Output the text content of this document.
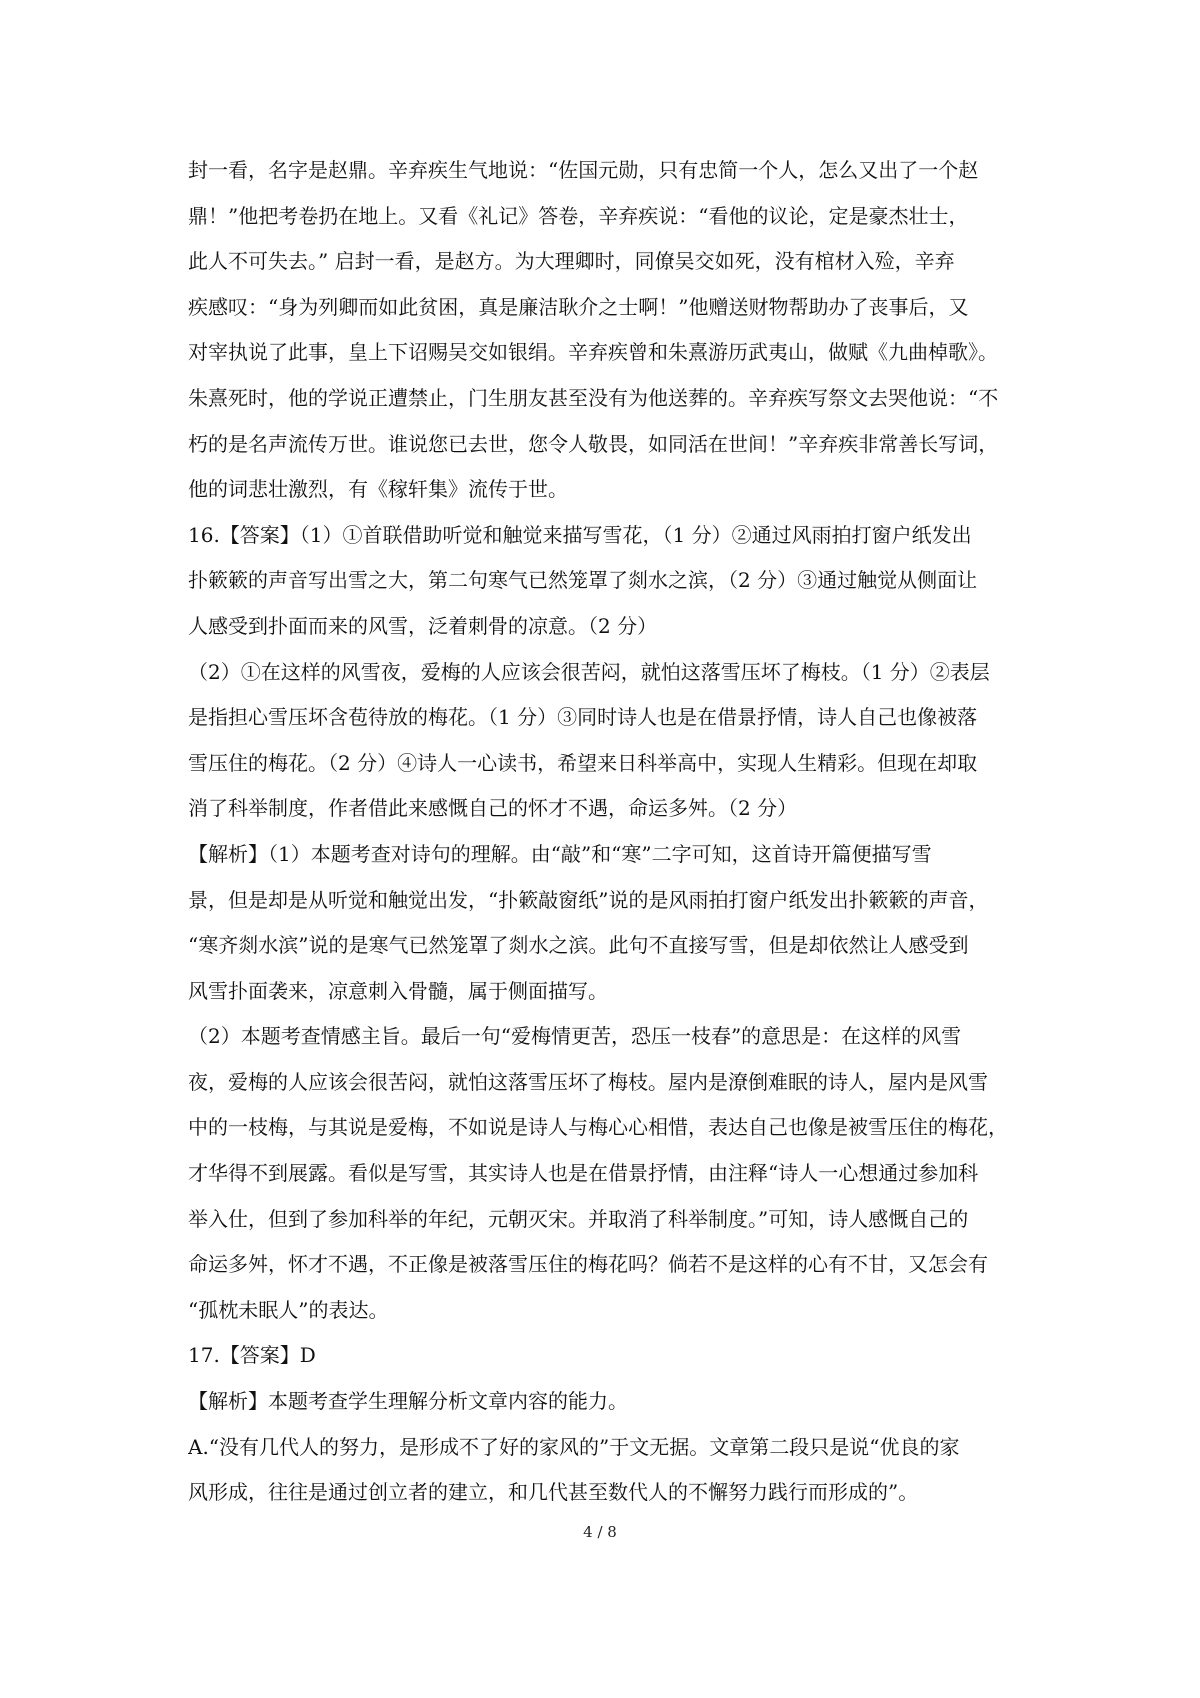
封一看，名字是赵鼎。辛弃疾生气地说：“佐国元勋，只有忠简一个人，怎么又出了一个赵
鼎！”他把考卷扔在地上。又看《礼记》答卷，辛弃疾说：“看他的议论，定是豪杰壮士，
此人不可失去。” 启封一看，是赵方。为大理卿时，同僚吴交如死，没有棺材入殓，辛弃
疾感叹：“身为列卿而如此贫困，真是廉洁耿介之士啊！”他赠送财物帮助办了丧事后，又
对宰执说了此事，皇上下诏赐吴交如银绢。辛弃疾曾和朱熹游历武夷山，做赋《九曲棹歌》。
朱熹死时，他的学说正遭禁止，门生朋友甚至没有为他送葬的。辛弃疾写祭文去哭他说：“不
朽的是名声流传万世。谁说您已去世，您令人敬畏，如同活在世间！”辛弃疾非常善长写词，
他的词悲壮激烈，有《稼轩集》流传于世。
16.【答案】（1）①首联借助听觉和触觉来描写雪花，（1 分）②通过风雨拍打窗户纸发出
扑簌簌的声音写出雪之大，第二句寒气已然笼罩了剡水之滨，（2 分）③通过触觉从侧面让
人感受到扑面而来的风雪，泛着刺骨的凉意。（2 分）
（2）①在这样的风雪夜，爱梅的人应该会很苦闷，就怕这落雪压坏了梅枝。（1 分）②表层
是指担心雪压坏含苞待放的梅花。（1 分）③同时诗人也是在借景抒情，诗人自己也像被落
雪压住的梅花。（2 分）④诗人一心读书，希望来日科举高中，实现人生精彩。但现在却取
消了科举制度，作者借此来感慨自己的怀才不遇，命运多舛。（2 分）
【解析】（1）本题考查对诗句的理解。由“敲”和“寒”二字可知，这首诗开篇便描写雪
景，但是却是从听觉和触觉出发，“扑簌敲窗纸”说的是风雨拍打窗户纸发出扑簌簌的声音，
“寒齐剡水滨”说的是寒气已然笼罩了剡水之滨。此句不直接写雪，但是却依然让人感受到
风雪扑面袭来，凉意刺入骨髓，属于侧面描写。
（2）本题考查情感主旨。最后一句“爱梅情更苦，恐压一枝春”的意思是：在这样的风雪
夜，爱梅的人应该会很苦闷，就怕这落雪压坏了梅枝。屋内是潦倒难眠的诗人，屋内是风雪
中的一枝梅，与其说是爱梅，不如说是诗人与梅心心相惜，表达自己也像是被雪压住的梅花，
才华得不到展露。看似是写雪，其实诗人也是在借景抒情，由注释“诗人一心想通过参加科
举入仕，但到了参加科举的年纪，元朝灭宋。并取消了科举制度。”可知，诗人感慨自己的
命运多舛，怀才不遇，不正像是被落雪压住的梅花吗？倘若不是这样的心有不甘，又怎会有
“孤枕未眠人”的表达。
17.【答案】D
【解析】本题考查学生理解分析文章内容的能力。
A.“没有几代人的努力，是形成不了好的家风的”于文无据。文章第二段只是说“优良的家
风形成，往往是通过创立者的建立，和几代甚至数代人的不懈努力践行而形成的”。
4 / 8
